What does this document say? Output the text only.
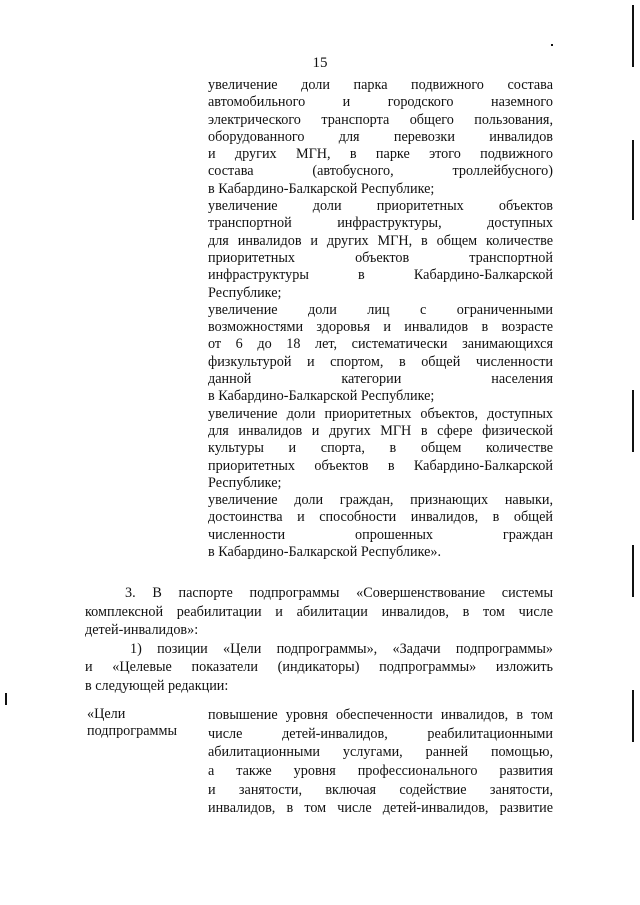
15
увеличение доли парка подвижного состава
автомобильного и городского наземного
электрического транспорта общего пользования,
оборудованного для перевозки инвалидов
и других МГН, в парке этого подвижного
состава (автобусного, троллейбусного)
в Кабардино-Балкарской Республике;
увеличение доли приоритетных объектов
транспортной инфраструктуры, доступных
для инвалидов и других МГН, в общем количестве
приоритетных объектов транспортной
инфраструктуры в Кабардино-Балкарской
Республике;
увеличение доли лиц с ограниченными
возможностями здоровья и инвалидов в возрасте
от 6 до 18 лет, систематически занимающихся
физкультурой и спортом, в общей численности
данной категории населения
в Кабардино-Балкарской Республике;
увеличение доли приоритетных объектов, доступных
для инвалидов и других МГН в сфере физической
культуры и спорта, в общем количестве
приоритетных объектов в Кабардино-Балкарской
Республике;
увеличение доли граждан, признающих навыки,
достоинства и способности инвалидов, в общей
численности опрошенных граждан
в Кабардино-Балкарской Республике».
3. В паспорте подпрограммы «Совершенствование системы
комплексной реабилитации и абилитации инвалидов, в том числе
детей-инвалидов»:
1) позиции «Цели подпрограммы», «Задачи подпрограммы»
и «Целевые показатели (индикаторы) подпрограммы» изложить
в следующей редакции:
«Цели
подпрограммы
повышение уровня обеспеченности инвалидов, в том
числе детей-инвалидов, реабилитационными
абилитационными услугами, ранней помощью,
а также уровня профессионального развития
и занятости, включая содействие занятости,
инвалидов, в том числе детей-инвалидов, развитие
